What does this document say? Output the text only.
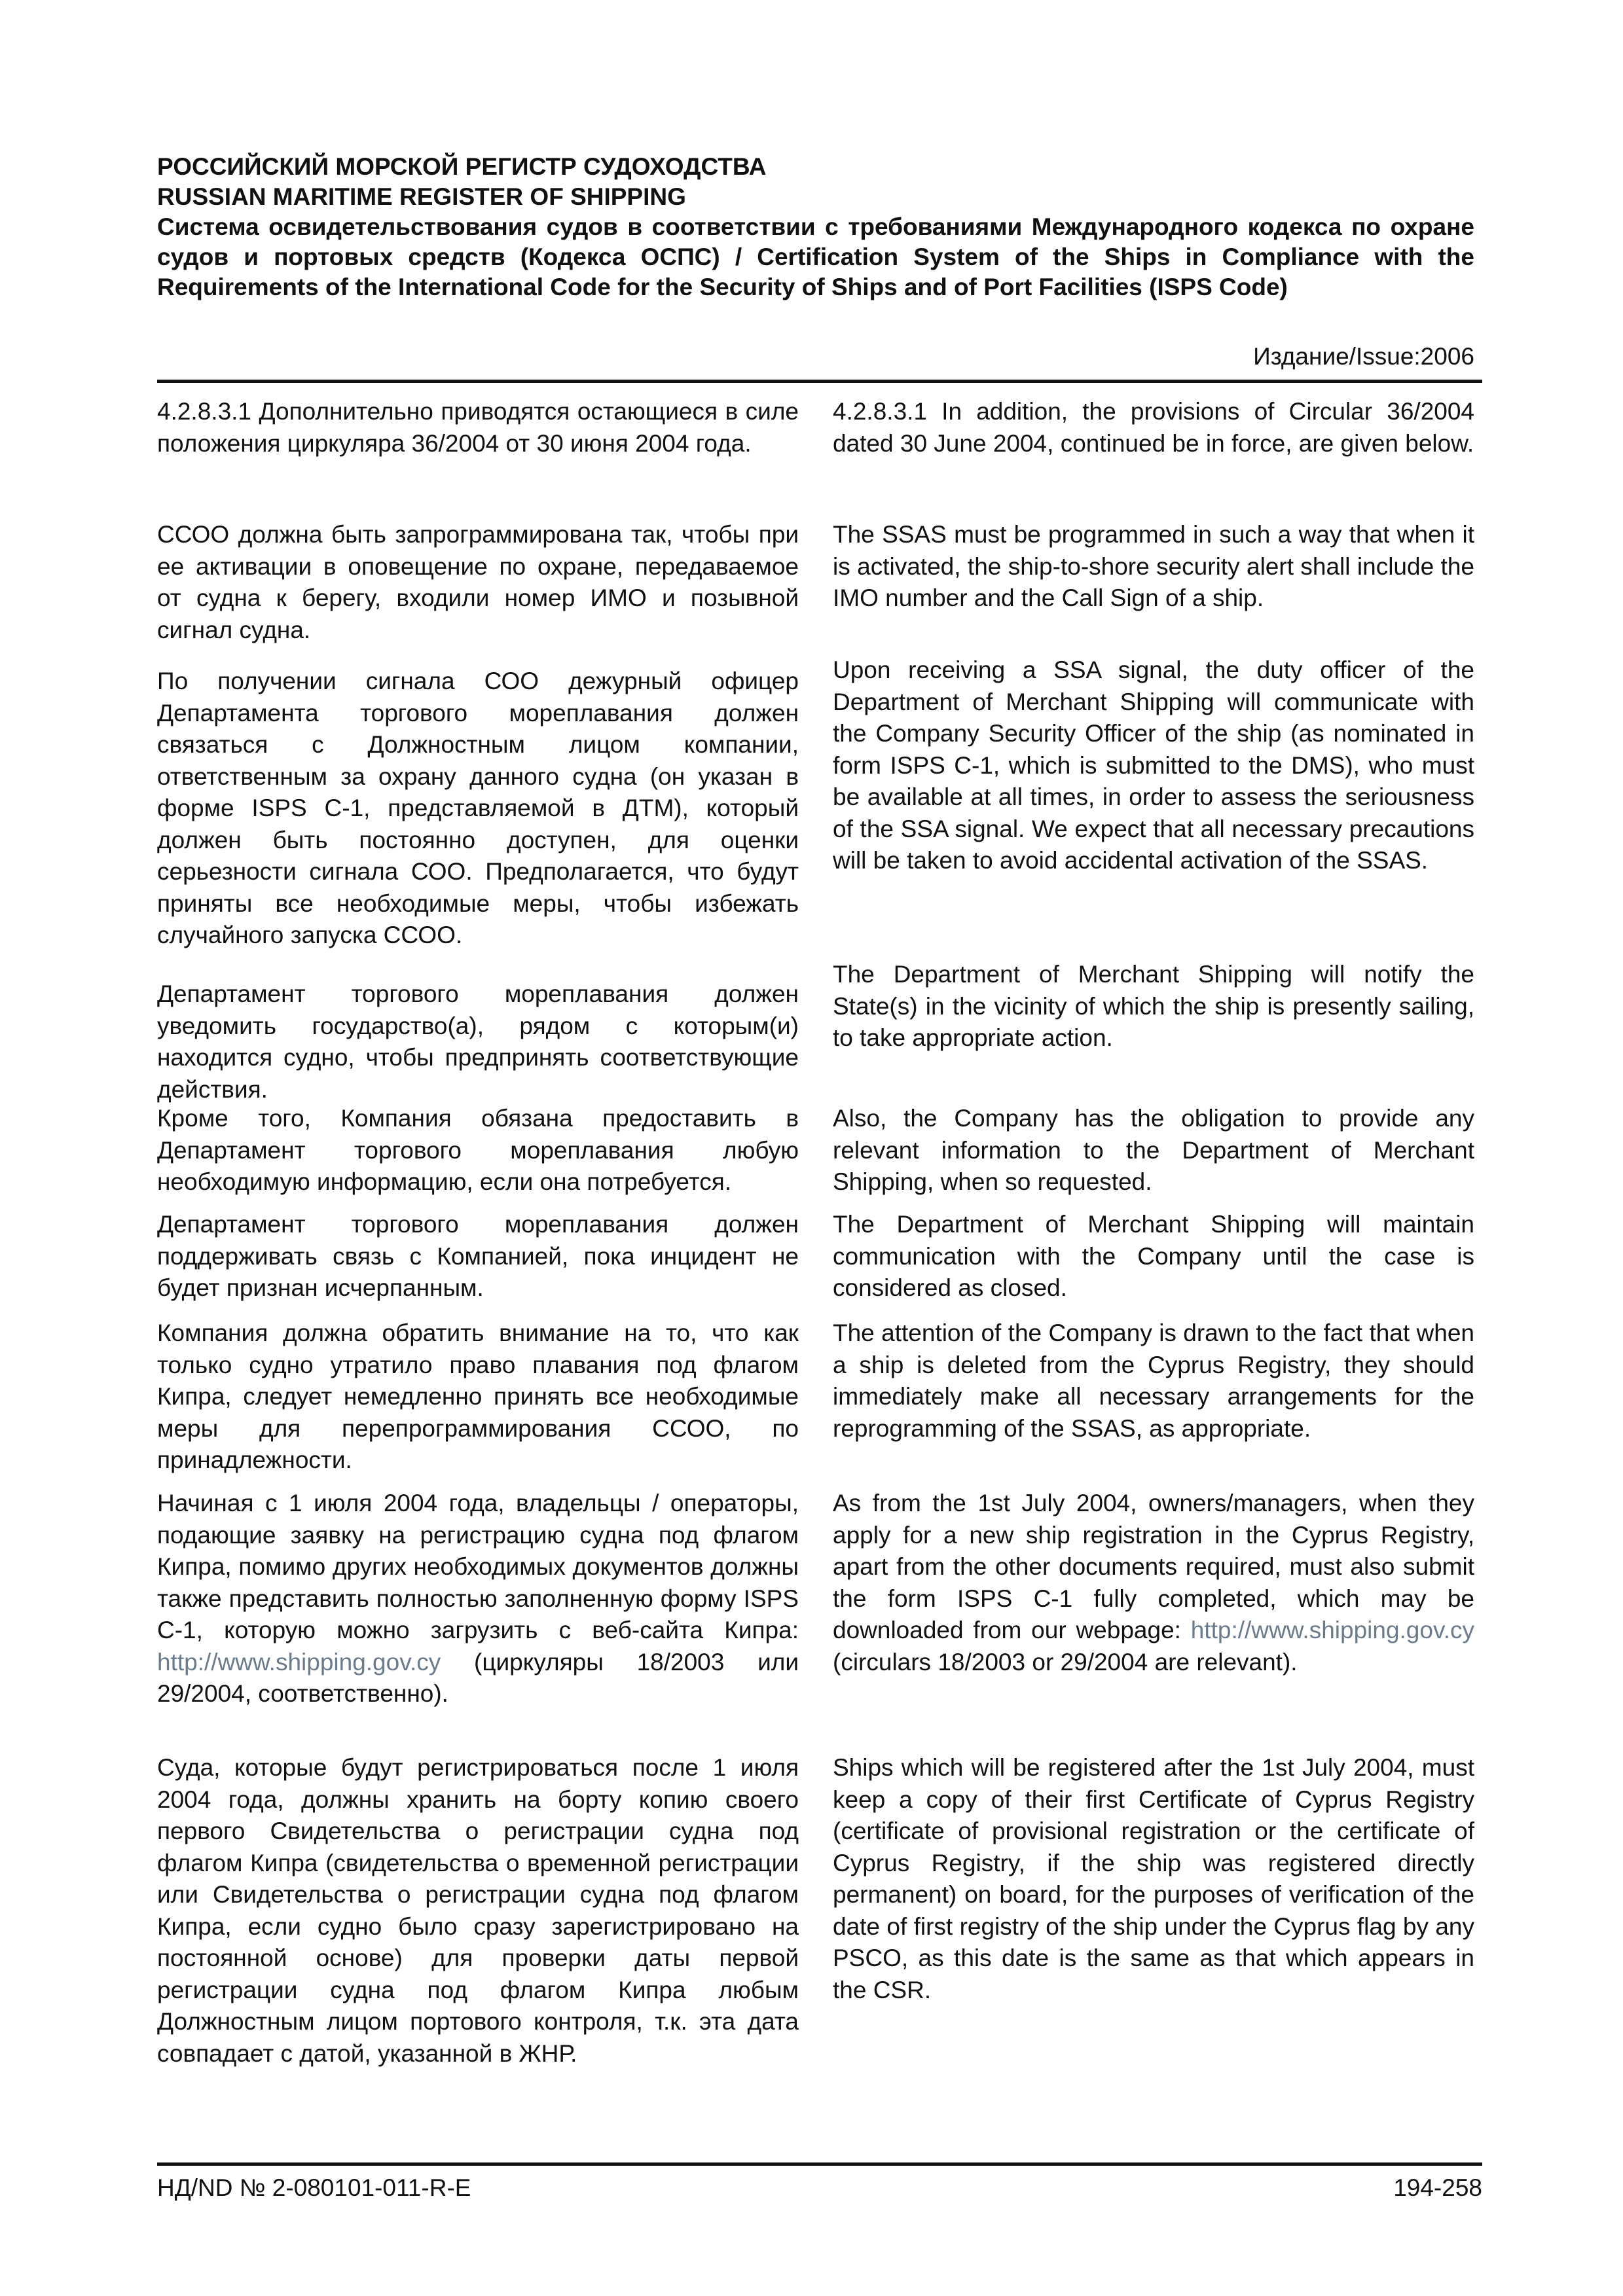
РОССИЙСКИЙ МОРСКОЙ РЕГИСТР СУДОХОДСТВА

RUSSIAN MARITIME REGISTER OF SHIPPING

Система освидетельствования судов в соответствии с требованиями Международного кодекса по охране судов и портовых средств (Кодекса ОСПС) / Certification System of the Ships in Compliance with the Requirements of the International Code for the Security of Ships and of Port Facilities (ISPS Code)

Издание/Issue:2006

4.2.8.3.1 Дополнительно приводятся остающиеся в силе положения циркуляра 36/2004 от 30 июня 2004 года.

ССОО должна быть запрограммирована так, чтобы при ее активации в оповещение по охране, передаваемое от судна к берегу, входили номер ИМО и позывной сигнал судна.

По получении сигнала СОО дежурный офицер Департамента торгового мореплавания должен связаться с Должностным лицом компании, ответственным за охрану данного судна (он указан в форме ISPS C-1, представляемой в ДТМ), который должен быть постоянно доступен, для оценки серьезности сигнала СОО. Предполагается, что будут приняты все необходимые меры, чтобы избежать случайного запуска ССОО.

Департамент торгового мореплавания должен уведомить государство(а), рядом с которым(и) находится судно, чтобы предпринять соответствующие действия.

Кроме того, Компания обязана предоставить в Департамент торгового мореплавания любую необходимую информацию, если она потребуется.

Департамент торгового мореплавания должен поддерживать связь с Компанией, пока инцидент не будет признан исчерпанным.

Компания должна обратить внимание на то, что как только судно утратило право плавания под флагом Кипра, следует немедленно принять все необходимые меры для перепрограммирования ССОО, по принадлежности.

Начиная с 1 июля 2004 года, владельцы / операторы, подающие заявку на регистрацию судна под флагом Кипра, помимо других необходимых документов должны также представить полностью заполненную форму ISPS C-1, которую можно загрузить с веб-сайта Кипра: http://www.shipping.gov.cy (циркуляры 18/2003 или 29/2004, соответственно).

Суда, которые будут регистрироваться после 1 июля 2004 года, должны хранить на борту копию своего первого Свидетельства о регистрации судна под флагом Кипра (свидетельства о временной регистрации или Свидетельства о регистрации судна под флагом Кипра, если судно было сразу зарегистрировано на постоянной основе) для проверки даты первой регистрации судна под флагом Кипра любым Должностным лицом портового контроля, т.к. эта дата совпадает с датой, указанной в ЖНР.

4.2.8.3.1 In addition, the provisions of Circular 36/2004 dated 30 June 2004, continued be in force, are given below.

The SSAS must be programmed in such a way that when it is activated, the ship-to-shore security alert shall include the IMO number and the Call Sign of a ship.

Upon receiving a SSA signal, the duty officer of the Department of Merchant Shipping will communicate with the Company Security Officer of the ship (as nominated in form ISPS C-1, which is submitted to the DMS), who must be available at all times, in order to assess the seriousness of the SSA signal. We expect that all necessary precautions will be taken to avoid accidental activation of the SSAS.

The Department of Merchant Shipping will notify the State(s) in the vicinity of which the ship is presently sailing, to take appropriate action.

Also, the Company has the obligation to provide any relevant information to the Department of Merchant Shipping, when so requested.

The Department of Merchant Shipping will maintain communication with the Company until the case is considered as closed.

The attention of the Company is drawn to the fact that when a ship is deleted from the Cyprus Registry, they should immediately make all necessary arrangements for the reprogramming of the SSAS, as appropriate.

As from the 1st July 2004, owners/managers, when they apply for a new ship registration in the Cyprus Registry, apart from the other documents required, must also submit the form ISPS C-1 fully completed, which may be downloaded from our webpage: http://www.shipping.gov.cy (circulars 18/2003 or 29/2004 are relevant).

Ships which will be registered after the 1st July 2004, must keep a copy of their first Certificate of Cyprus Registry (certificate of provisional registration or the certificate of Cyprus Registry, if the ship was registered directly permanent) on board, for the purposes of verification of the date of first registry of the ship under the Cyprus flag by any PSCO, as this date is the same as that which appears in the CSR.

НД/ND № 2-080101-011-R-E	194-258
